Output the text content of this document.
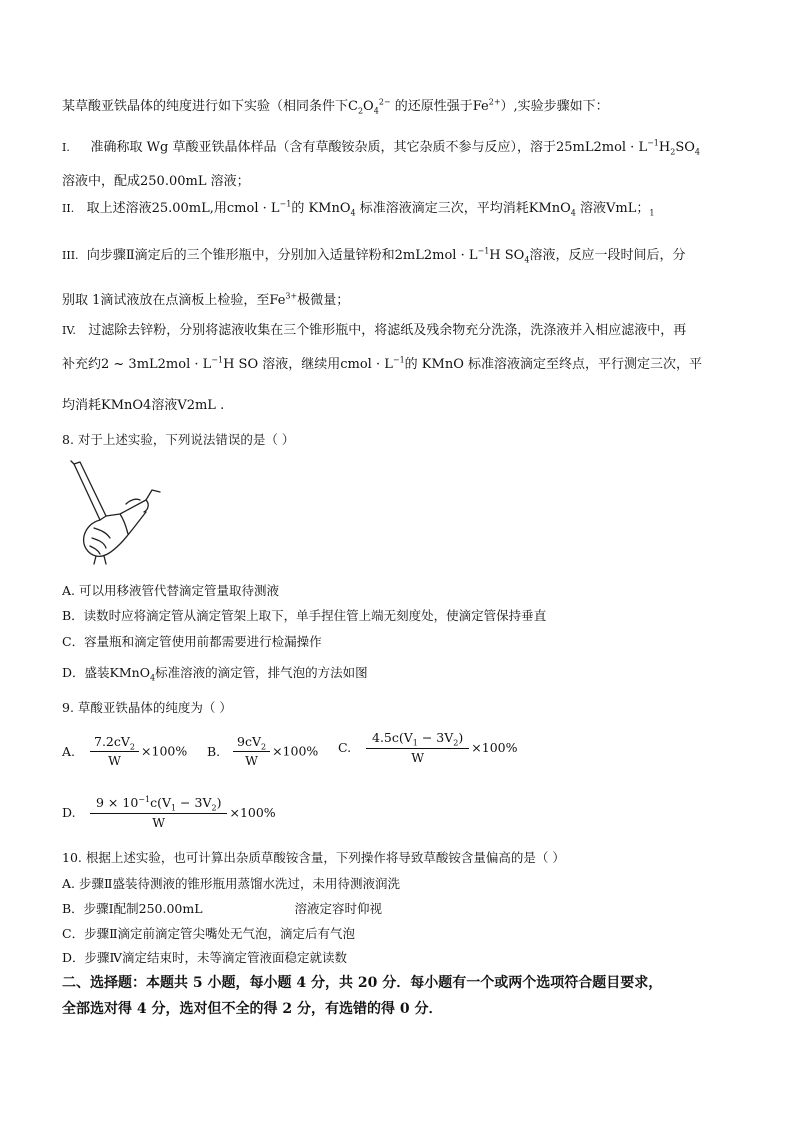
某草酸亚铁晶体的纯度进行如下实验（相同条件下$C_2O_4^{2-}$ 的还原性强于$Fe^{2+}$）,实验步骤如下：
I. 准确称取 Wg 草酸亚铁晶体样品（含有草酸铵杂质，其它杂质不参与反应），溶于$25mL2mol \cdot L^{-1}H_2SO_4$
溶液中，配成250.00mL 溶液；
II. 取上述溶液25.00mL,用cmol · $L^{-1}$的 KMnO$_4$ 标准溶液滴定三次，平均消耗KMnO$_4$ 溶液VmL；$_1$
III. 向步骤Ⅱ滴定后的三个锥形瓶中，分别加入适量锌粉和$2mL2mol \cdot L^{-1}H$ $SO_4$溶液，反应一段时间后，分
别取 1滴试液放在点滴板上检验，至$Fe^{3+}$极微量；
IV. 过滤除去锌粉，分别将滤液收集在三个锥形瓶中，将滤纸及残余物充分洗涤，洗涤液并入相应滤液中，再
补充约2 ~ $3mL2mol \cdot L^{-1}H$ SO 溶液，继续用cmol · $L^{-1}$的 KMnO 标准溶液滴定至终点，平行测定三次，平
均消耗KMnO4溶液V2mL .
8. 对于上述实验，下列说法错误的是（ ）
A. 可以用移液管代替滴定管量取待测液
B．读数时应将滴定管从滴定管架上取下，单手捏住管上端无刻度处，使滴定管保持垂直
C．容量瓶和滴定管使用前都需要进行检漏操作
D．盛装KMnO$_4$标准溶液的滴定管，排气泡的方法如图
9. 草酸亚铁晶体的纯度为（ ）
A. $\frac{7.2cV_2}{W} \times 100\%$ B. $\frac{9cV_2}{W} \times 100\%$ C. $\frac{4.5c(V_1 - 3V_2)}{W} \times 100\%$
D. $\frac{9 \times 10^{-1}c(V_1 - 3V_2)}{W} \times 100\%$
10. 根据上述实验，也可计算出杂质草酸铵含量，下列操作将导致草酸铵含量偏高的是（ ）
A. 步骤Ⅱ盛装待测液的锥形瓶用蒸馏水洗过，未用待测液润洗
B．步骤Ⅰ配制250.00mL	溶液定容时仰视
C．步骤Ⅱ滴定前滴定管尖嘴处无气泡，滴定后有气泡
D．步骤Ⅳ滴定结束时，未等滴定管液面稳定就读数
二、选择题：本题共 5 小题，每小题 4 分，共 20 分．每小题有一个或两个选项符合题目要求，
全部选对得 4 分，选对但不全的得 2 分，有选错的得 0 分．
